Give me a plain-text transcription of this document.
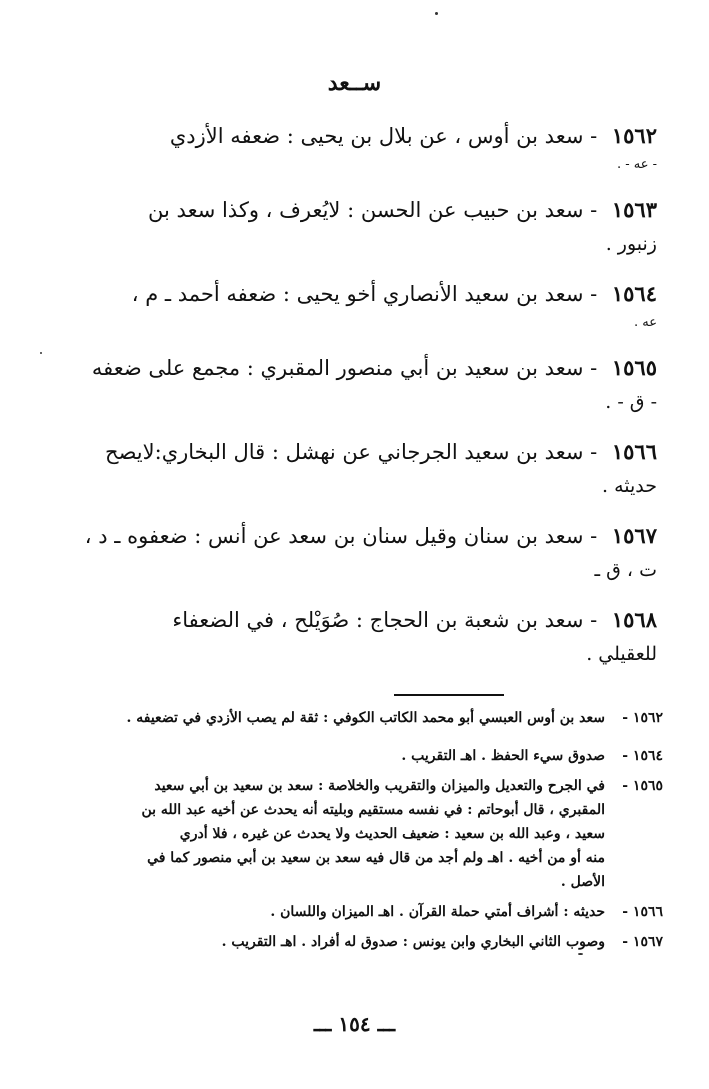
ســعد
١٥٦٢ - سعد بن أوس ، عن بلال بن يحيى : ضعفه الأزدي
- عه - .
١٥٦٣ - سعد بن حبيب عن الحسن : لايُعرف ، وكذا سعد بن
زنبور .
١٥٦٤ - سعد بن سعيد الأنصاري أخو يحيى : ضعفه أحمد ـ م ،
عه .
١٥٦٥ - سعد بن سعيد بن أبي منصور المقبري : مجمع على ضعفه
- ق - .
١٥٦٦ - سعد بن سعيد الجرجاني عن نهشل : قال البخاري:لايصح
حديثه .
١٥٦٧ - سعد بن سنان وقيل سنان بن سعد عن أنس : ضعفوه ـ د ،
ت ، ق ـ
١٥٦٨ - سعد بن شعبة بن الحجاج : صُوَيْلح ، في الضعفاء
للعقيلي .
١٥٦٢ -
سعد بن أوس العبسي أبو محمد الكاتب الكوفي : ثقة لم يصب الأزدي في تضعيفه .
١٥٦٤ -
صدوق سيء الحفظ . اهـ التقريب .
١٥٦٥ -
في الجرح والتعديل والميزان والتقريب والخلاصة : سعد بن سعيد بن أبي سعيد
المقبري ، قال أبوحاتم : في نفسه مستقيم وبليته أنه يحدث عن أخيه عبد الله بن
سعيد ، وعبد الله بن سعيد : ضعيف الحديث ولا يحدث عن غيره ، فلا أدري
منه أو من أخيه . اهـ ولم أجد من قال فيه سعد بن سعيد بن أبي منصور كما في
الأصل .
١٥٦٦ -
حديثه : أشراف أمتي حملة القرآن . اهـ الميزان واللسان .
١٥٦٧ -
وصوب الثاني البخاري وابن يونس : صدوق له أفراد . اهـ التقريب .
ـــ ١٥٤ ـــ
